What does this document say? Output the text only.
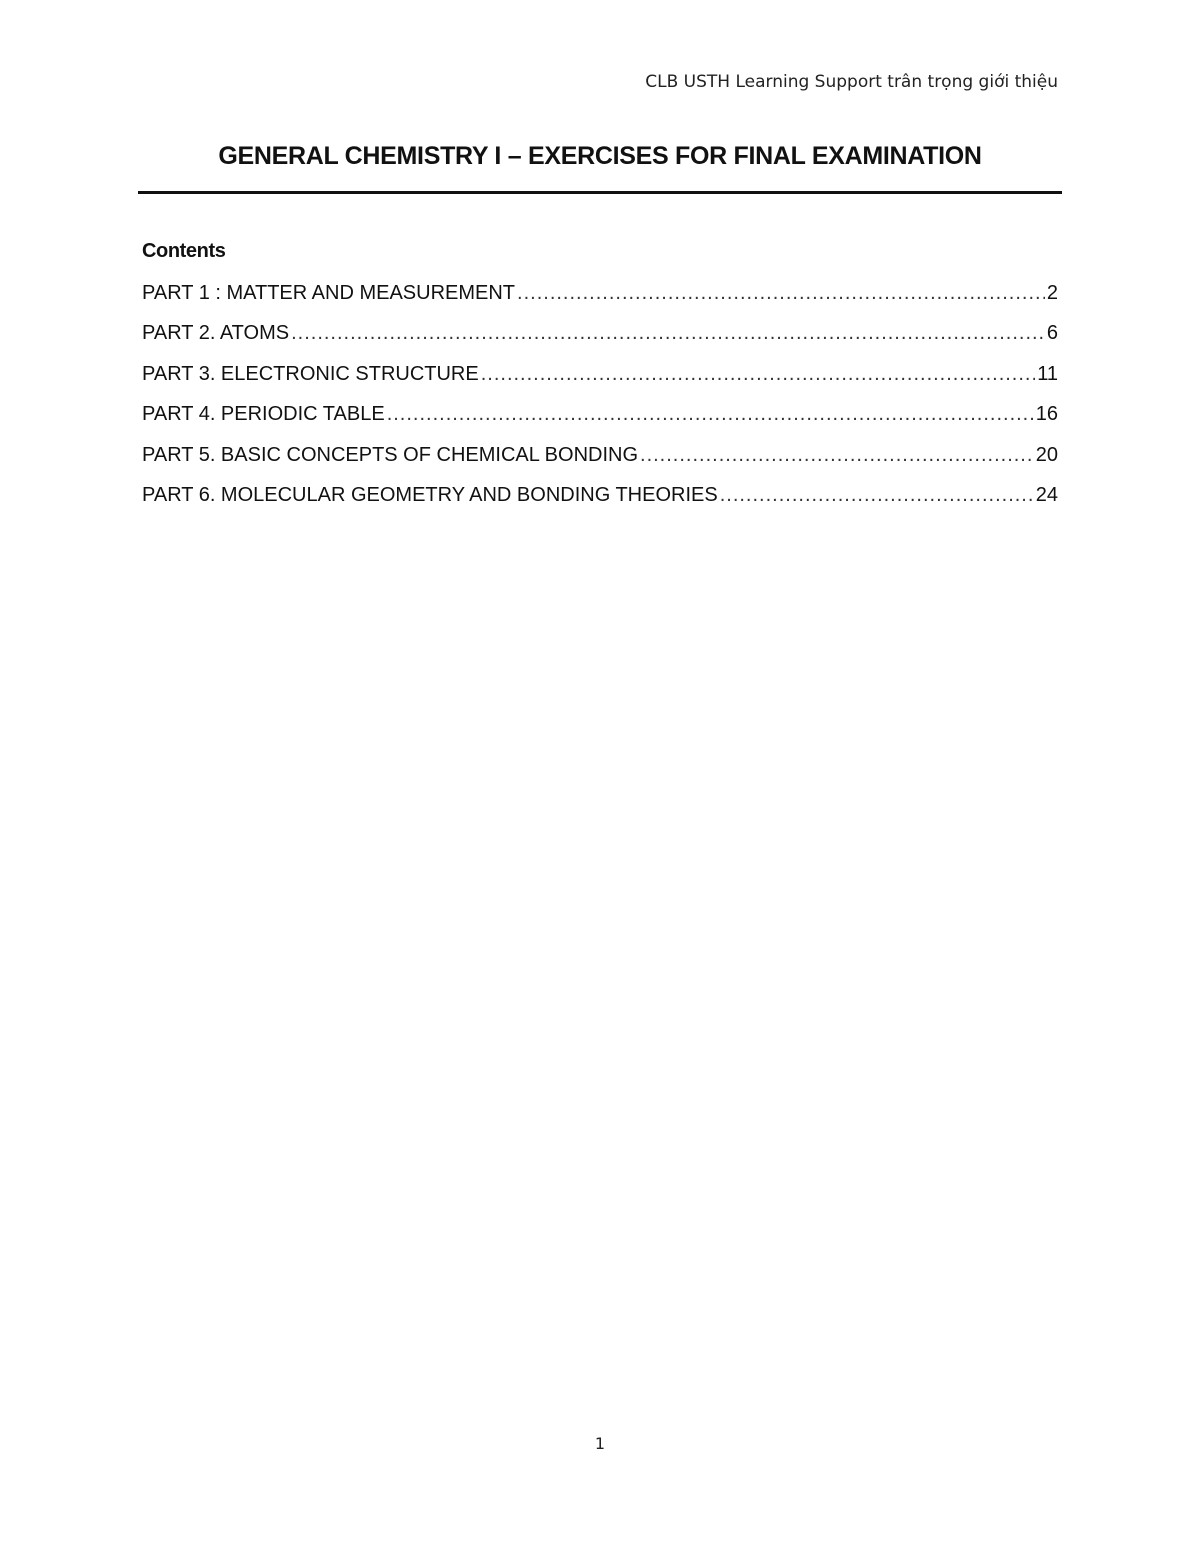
CLB USTH Learning Support trân trọng giới thiệu
GENERAL CHEMISTRY I – EXERCISES FOR FINAL EXAMINATION
Contents
PART 1 : MATTER AND MEASUREMENT .....	2
PART 2. ATOMS .....	6
PART 3. ELECTRONIC STRUCTURE .....	11
PART 4. PERIODIC TABLE .....	16
PART 5. BASIC CONCEPTS OF CHEMICAL BONDING .....	20
PART 6. MOLECULAR GEOMETRY AND BONDING THEORIES .....	24
1
